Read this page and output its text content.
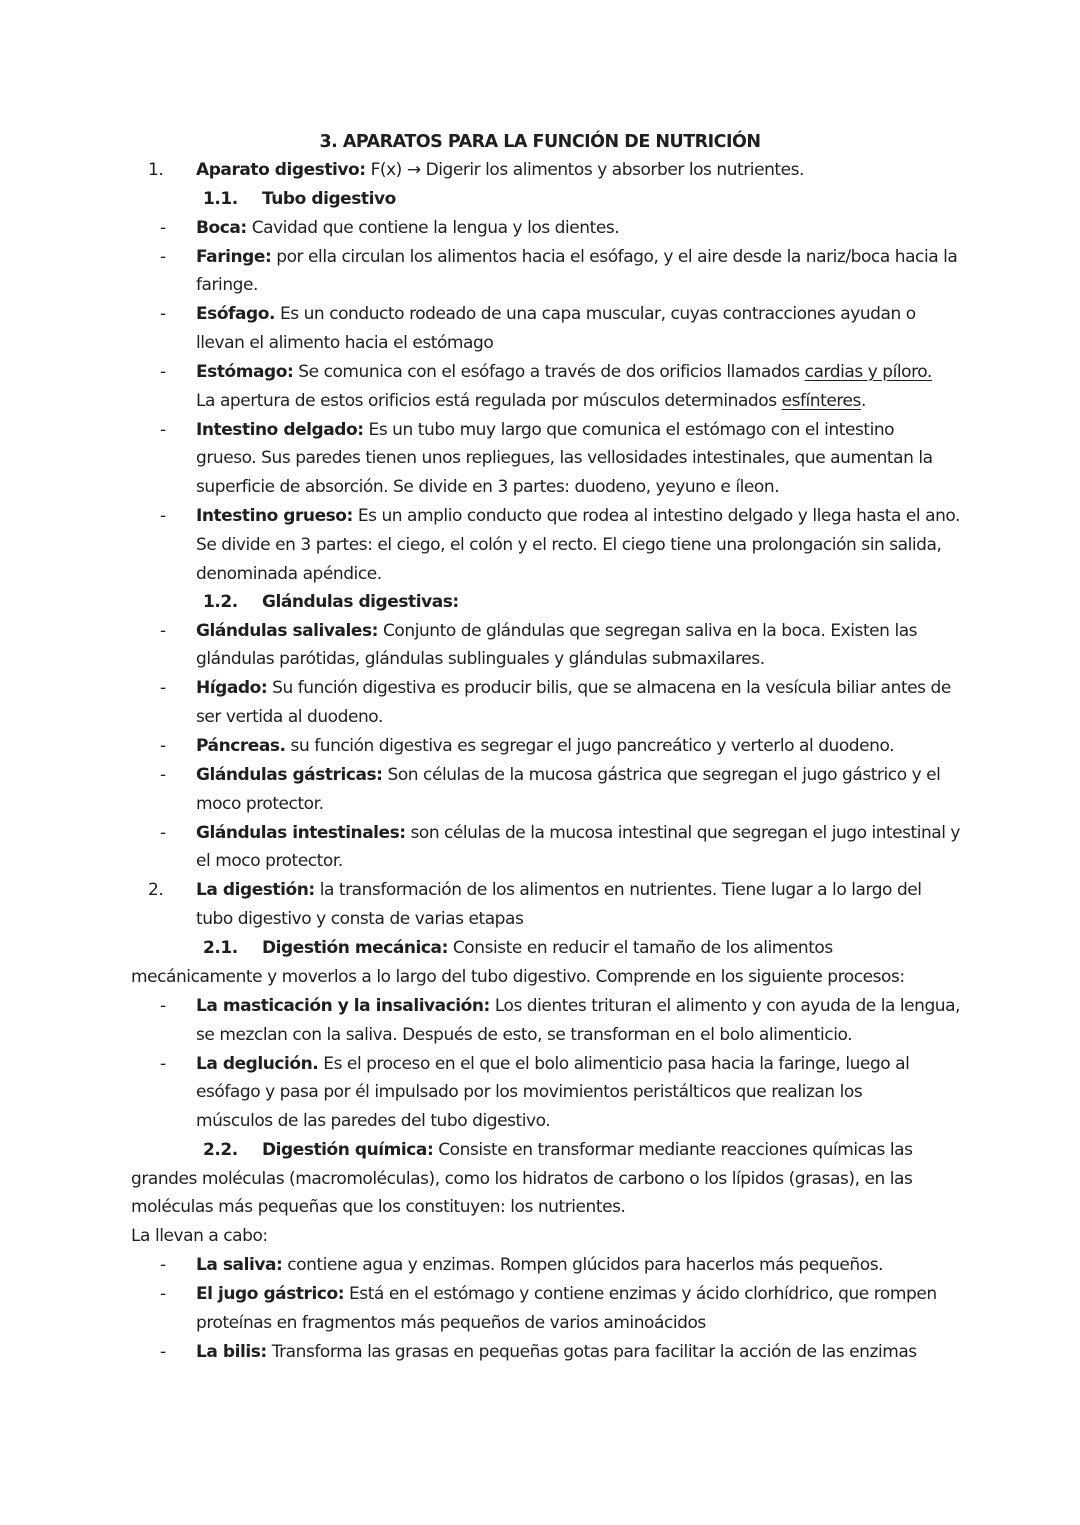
3. APARATOS PARA LA FUNCIÓN DE NUTRICIÓN
1. Aparato digestivo: F(x) → Digerir los alimentos y absorber los nutrientes.
1.1. Tubo digestivo
- Boca: Cavidad que contiene la lengua y los dientes.
- Faringe: por ella circulan los alimentos hacia el esófago, y el aire desde la nariz/boca hacia la
faringe.
- Esófago. Es un conducto rodeado de una capa muscular, cuyas contracciones ayudan o
llevan el alimento hacia el estómago
- Estómago: Se comunica con el esófago a través de dos orificios llamados cardias y píloro.
La apertura de estos orificios está regulada por músculos determinados esfínteres.
- Intestino delgado: Es un tubo muy largo que comunica el estómago con el intestino
grueso. Sus paredes tienen unos repliegues, las vellosidades intestinales, que aumentan la
superficie de absorción. Se divide en 3 partes: duodeno, yeyuno e íleon.
- Intestino grueso: Es un amplio conducto que rodea al intestino delgado y llega hasta el ano.
Se divide en 3 partes: el ciego, el colón y el recto. El ciego tiene una prolongación sin salida,
denominada apéndice.
1.2. Glándulas digestivas:
- Glándulas salivales: Conjunto de glándulas que segregan saliva en la boca. Existen las
glándulas parótidas, glándulas sublinguales y glándulas submaxilares.
- Hígado: Su función digestiva es producir bilis, que se almacena en la vesícula biliar antes de
ser vertida al duodeno.
- Páncreas. su función digestiva es segregar el jugo pancreático y verterlo al duodeno.
- Glándulas gástricas: Son células de la mucosa gástrica que segregan el jugo gástrico y el
moco protector.
- Glándulas intestinales: son células de la mucosa intestinal que segregan el jugo intestinal y
el moco protector.
2. La digestión: la transformación de los alimentos en nutrientes. Tiene lugar a lo largo del
tubo digestivo y consta de varias etapas
2.1. Digestión mecánica: Consiste en reducir el tamaño de los alimentos
mecánicamente y moverlos a lo largo del tubo digestivo. Comprende en los siguiente procesos:
- La masticación y la insalivación: Los dientes trituran el alimento y con ayuda de la lengua,
se mezclan con la saliva. Después de esto, se transforman en el bolo alimenticio.
- La deglución. Es el proceso en el que el bolo alimenticio pasa hacia la faringe, luego al
esófago y pasa por él impulsado por los movimientos peristálticos que realizan los
músculos de las paredes del tubo digestivo.
2.2. Digestión química: Consiste en transformar mediante reacciones químicas las
grandes moléculas (macromoléculas), como los hidratos de carbono o los lípidos (grasas), en las
moléculas más pequeñas que los constituyen: los nutrientes.
La llevan a cabo:
- La saliva: contiene agua y enzimas. Rompen glúcidos para hacerlos más pequeños.
- El jugo gástrico: Está en el estómago y contiene enzimas y ácido clorhídrico, que rompen
proteínas en fragmentos más pequeños de varios aminoácidos
- La bilis: Transforma las grasas en pequeñas gotas para facilitar la acción de las enzimas
